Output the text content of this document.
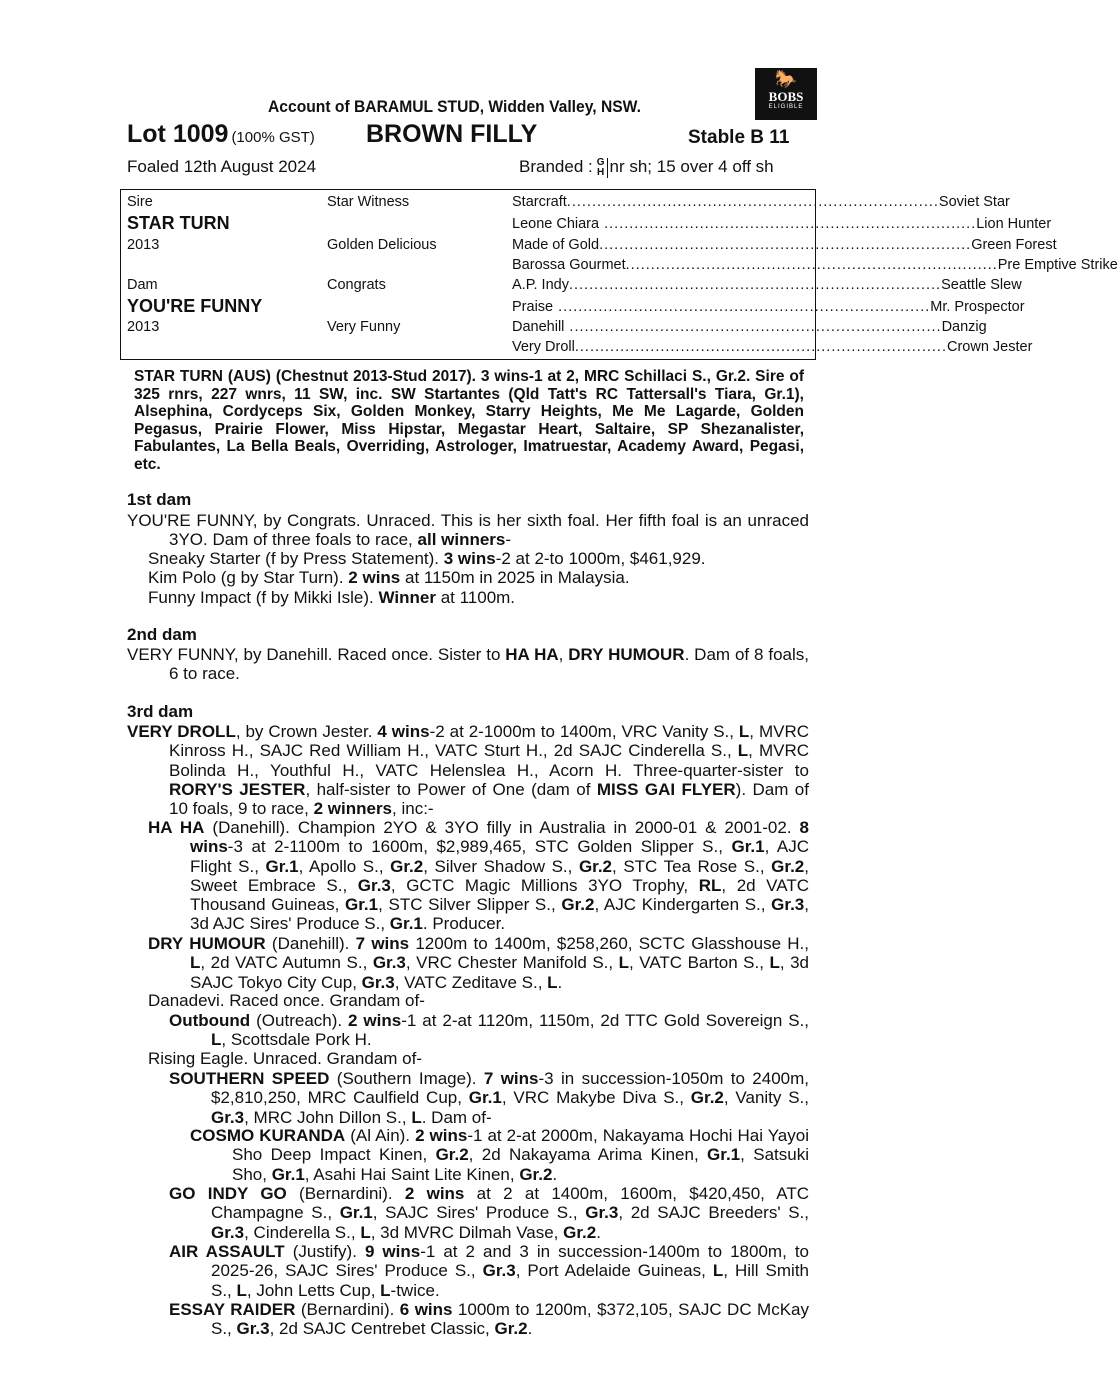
Account of BARAMUL STUD, Widden Valley, NSW.
🐎
BOBS
ELIGIBLE
Lot 1009 (100% GST) BROWN FILLY	Stable B 11
Foaled 12th August 2024	Branded : G
H nr sh; 15 over 4 off sh
Sire
STAR TURN
2013
Dam
YOU'RE FUNNY
2013
Star Witness
Golden Delicious
Congrats
Very Funny
Starcraft .......................................................................... Soviet Star
Leone Chiara .......................................................................... Lion Hunter
Made of Gold .......................................................................... Green Forest
Barossa Gourmet .......................................................................... Pre Emptive Strike
A.P. Indy .......................................................................... Seattle Slew
Praise .......................................................................... Mr. Prospector
Danehill .......................................................................... Danzig
Very Droll .......................................................................... Crown Jester
STAR TURN (AUS) (Chestnut 2013-Stud 2017). 3 wins-1 at 2, MRC Schillaci S., Gr.2. Sire of 325 rnrs, 227 wnrs, 11 SW, inc. SW Startantes (Qld Tatt's RC Tattersall's Tiara, Gr.1), Alsephina, Cordyceps Six, Golden Monkey, Starry Heights, Me Me Lagarde, Golden Pegasus, Prairie Flower, Miss Hipstar, Megastar Heart, Saltaire, SP Shezanalister, Fabulantes, La Bella Beals, Overriding, Astrologer, Imatruestar, Academy Award, Pegasi, etc.
1st dam
YOU'RE FUNNY, by Congrats. Unraced. This is her sixth foal. Her fifth foal is an unraced 3YO. Dam of three foals to race, all winners-
Sneaky Starter (f by Press Statement). 3 wins-2 at 2-to 1000m, $461,929.
Kim Polo (g by Star Turn). 2 wins at 1150m in 2025 in Malaysia.
Funny Impact (f by Mikki Isle). Winner at 1100m.
2nd dam
VERY FUNNY, by Danehill. Raced once. Sister to HA HA, DRY HUMOUR. Dam of 8 foals, 6 to race.
3rd dam
VERY DROLL, by Crown Jester. 4 wins-2 at 2-1000m to 1400m, VRC Vanity S., L, MVRC Kinross H., SAJC Red William H., VATC Sturt H., 2d SAJC Cinderella S., L, MVRC Bolinda H., Youthful H., VATC Helenslea H., Acorn H. Three-quarter-sister to RORY'S JESTER, half-sister to Power of One (dam of MISS GAI FLYER). Dam of 10 foals, 9 to race, 2 winners, inc:-
HA HA (Danehill). Champion 2YO & 3YO filly in Australia in 2000-01 & 2001-02. 8 wins-3 at 2-1100m to 1600m, $2,989,465, STC Golden Slipper S., Gr.1, AJC Flight S., Gr.1, Apollo S., Gr.2, Silver Shadow S., Gr.2, STC Tea Rose S., Gr.2, Sweet Embrace S., Gr.3, GCTC Magic Millions 3YO Trophy, RL, 2d VATC Thousand Guineas, Gr.1, STC Silver Slipper S., Gr.2, AJC Kindergarten S., Gr.3, 3d AJC Sires' Produce S., Gr.1. Producer.
DRY HUMOUR (Danehill). 7 wins 1200m to 1400m, $258,260, SCTC Glasshouse H., L, 2d VATC Autumn S., Gr.3, VRC Chester Manifold S., L, VATC Barton S., L, 3d SAJC Tokyo City Cup, Gr.3, VATC Zeditave S., L.
Danadevi. Raced once. Grandam of-
Outbound (Outreach). 2 wins-1 at 2-at 1120m, 1150m, 2d TTC Gold Sovereign S., L, Scottsdale Pork H.
Rising Eagle. Unraced. Grandam of-
SOUTHERN SPEED (Southern Image). 7 wins-3 in succession-1050m to 2400m, $2,810,250, MRC Caulfield Cup, Gr.1, VRC Makybe Diva S., Gr.2, Vanity S., Gr.3, MRC John Dillon S., L. Dam of-
COSMO KURANDA (Al Ain). 2 wins-1 at 2-at 2000m, Nakayama Hochi Hai Yayoi Sho Deep Impact Kinen, Gr.2, 2d Nakayama Arima Kinen, Gr.1, Satsuki Sho, Gr.1, Asahi Hai Saint Lite Kinen, Gr.2.
GO INDY GO (Bernardini). 2 wins at 2 at 1400m, 1600m, $420,450, ATC Champagne S., Gr.1, SAJC Sires' Produce S., Gr.3, 2d SAJC Breeders' S., Gr.3, Cinderella S., L, 3d MVRC Dilmah Vase, Gr.2.
AIR ASSAULT (Justify). 9 wins-1 at 2 and 3 in succession-1400m to 1800m, to 2025-26, SAJC Sires' Produce S., Gr.3, Port Adelaide Guineas, L, Hill Smith S., L, John Letts Cup, L-twice.
ESSAY RAIDER (Bernardini). 6 wins 1000m to 1200m, $372,105, SAJC DC McKay S., Gr.3, 2d SAJC Centrebet Classic, Gr.2.
